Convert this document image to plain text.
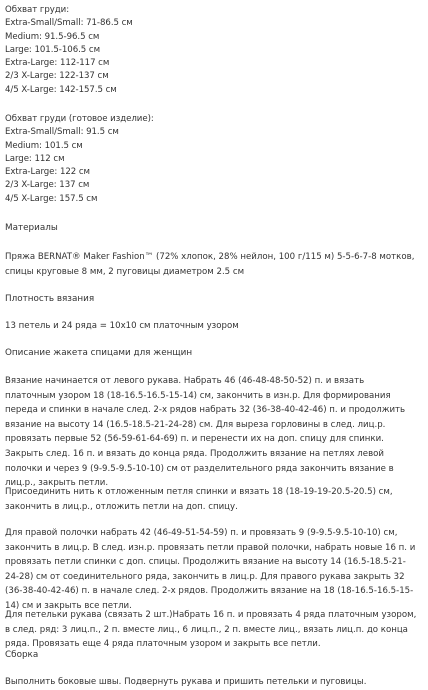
Обхват груди:
Extra-Small/Small: 71-86.5 см
Medium: 91.5-96.5 см
Large: 101.5-106.5 см
Extra-Large: 112-117 см
2/3 X-Large: 122-137 см
4/5 X-Large: 142-157.5 см
Обхват груди (готовое изделие):
Extra-Small/Small: 91.5 см
Medium: 101.5 см
Large: 112 см
Extra-Large: 122 см
2/3 X-Large: 137 см
4/5 X-Large: 157.5 см
Материалы
Пряжа BERNAT® Maker Fashion™ (72% хлопок, 28% нейлон, 100 г/115 м) 5-5-6-7-8 мотков, спицы круговые 8 мм, 2 пуговицы диаметром 2.5 см
Плотность вязания
13 петель и 24 ряда = 10x10 см платочным узором
Описание жакета спицами для женщин
Вязание начинается от левого рукава. Набрать 46 (46-48-48-50-52) п. и вязать платочным узором 18 (18-16.5-16.5-15-14) см, закончить в изн.р. Для формирования переда и спинки в начале след. 2-х рядов набрать 32 (36-38-40-42-46) п. и продолжить вязание на высоту 14 (16.5-18.5-21-24-28) см. Для выреза горловины в след. лиц.р. провязать первые 52 (56-59-61-64-69) п. и перенести их на доп. спицу для спинки. Закрыть след. 16 п. и вязать до конца ряда. Продолжить вязание на петлях левой полочки и через 9 (9-9.5-9.5-10-10) см от разделительного ряда закончить вязание в лиц.р., закрыть петли.
Присоединить нить к отложенным петля спинки и вязать 18 (18-19-19-20.5-20.5) см, закончить в лиц.р., отложить петли на доп. спицу.
Для правой полочки набрать 42 (46-49-51-54-59) п. и провязать 9 (9-9.5-9.5-10-10) см, закончить в лиц.р. В след. изн.р. провязать петли правой полочки, набрать новые 16 п. и провязать петли спинки с доп. спицы. Продолжить вязание на высоту 14 (16.5-18.5-21-24-28) см от соединительного ряда, закончить в лиц.р. Для правого рукава закрыть 32 (36-38-40-42-46) п. в начале след. 2-х рядов. Продолжить вязание на 18 (18-16.5-16.5-15-14) см и закрыть все петли.
Для петельки рукава (связать 2 шт.)Набрать 16 п. и провязать 4 ряда платочным узором, в след. ряд: 3 лиц.п., 2 п. вместе лиц., 6 лиц.п., 2 п. вместе лиц., вязать лиц.п. до конца ряда. Провязать еще 4 ряда платочным узором и закрыть все петли.
Сборка
Выполнить боковые швы. Подвернуть рукава и пришить петельки и пуговицы.
